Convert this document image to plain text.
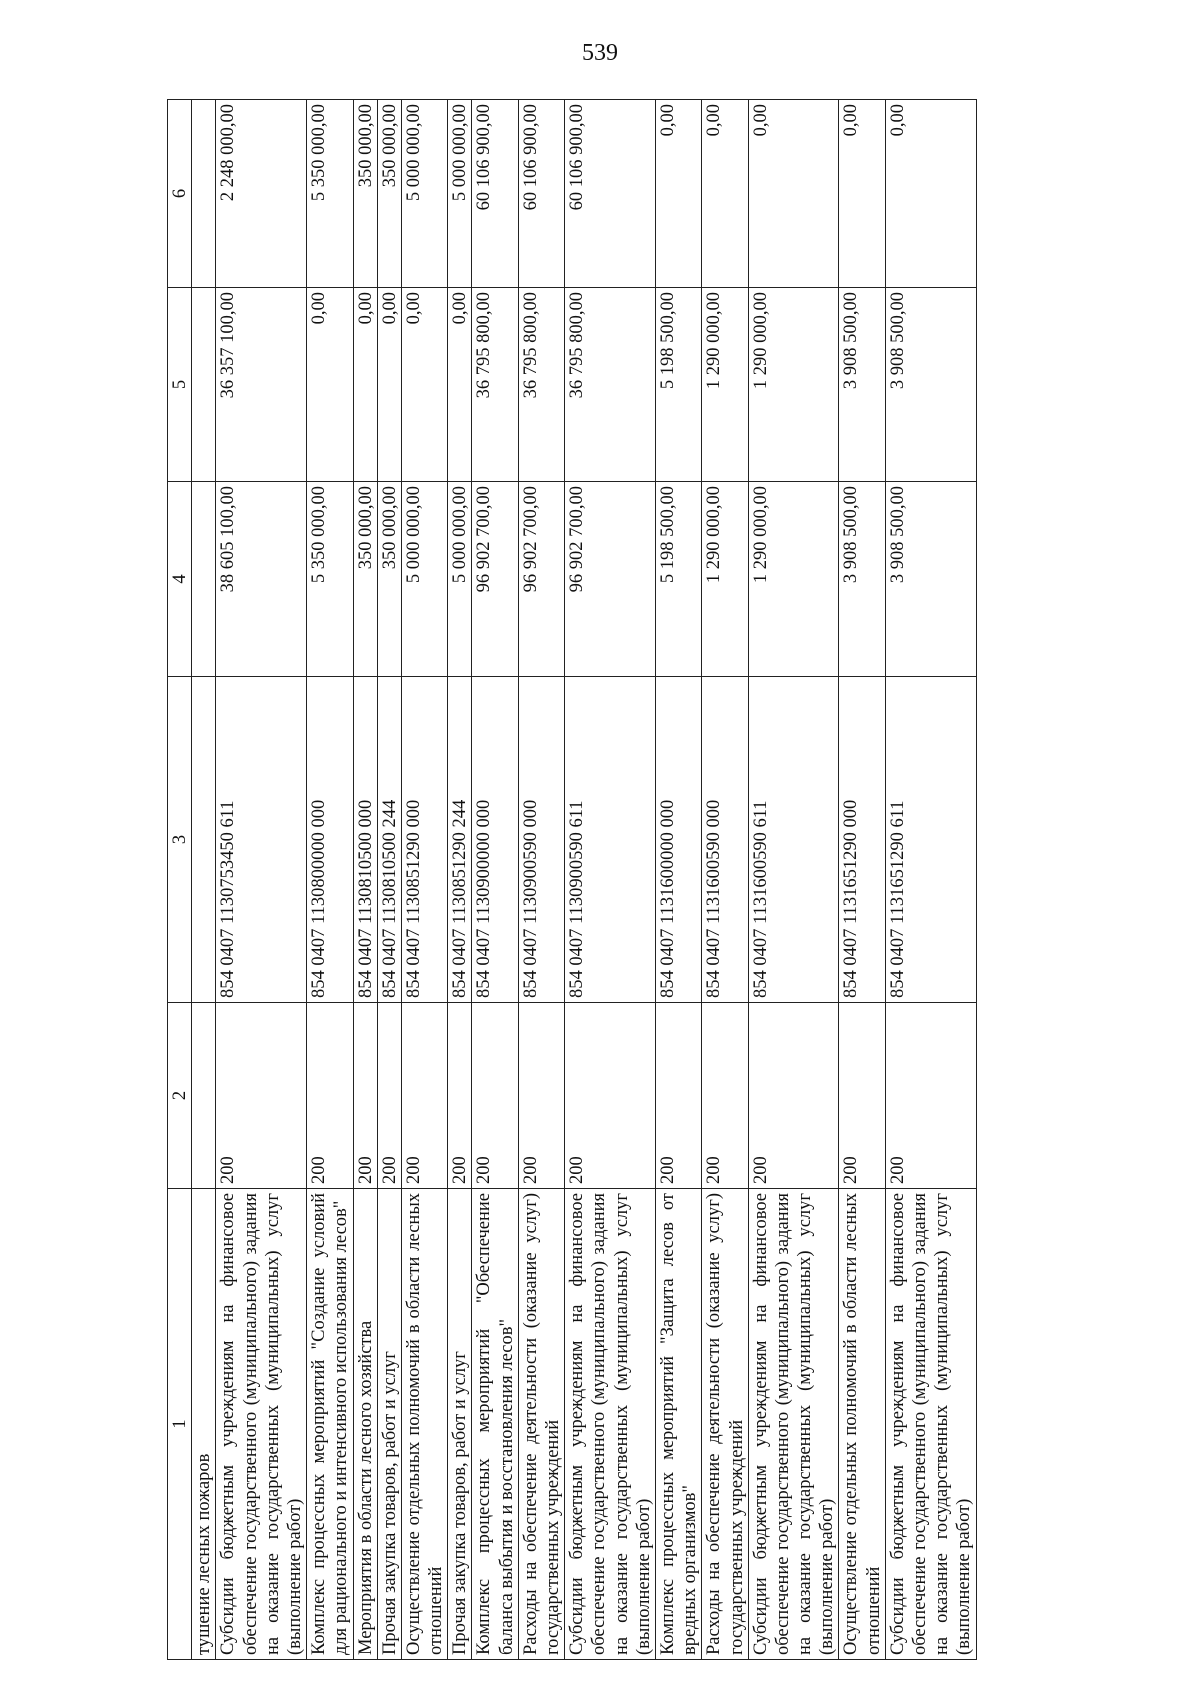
539
1	2	3	4	5	6
тушение лесных пожаров					
Субсидии бюджетным учреждениям на финансовое обеспечение государственного (муниципального) задания на оказание государственных (муниципальных) услуг (выполнение работ)	200	854 0407 1130753450 611	38 605 100,00	36 357 100,00	2 248 000,00
Комплекс процессных мероприятий "Создание условий для рационального и интенсивного использования лесов"	200	854 0407 1130800000 000	5 350 000,00	0,00	5 350 000,00
Мероприятия в области лесного хозяйства	200	854 0407 1130810500 000	350 000,00	0,00	350 000,00
Прочая закупка товаров, работ и услуг	200	854 0407 1130810500 244	350 000,00	0,00	350 000,00
Осуществление отдельных полномочий в области лесных отношений	200	854 0407 1130851290 000	5 000 000,00	0,00	5 000 000,00
Прочая закупка товаров, работ и услуг	200	854 0407 1130851290 244	5 000 000,00	0,00	5 000 000,00
Комплекс процессных мероприятий "Обеспечение баланса выбытия и восстановления лесов"	200	854 0407 1130900000 000	96 902 700,00	36 795 800,00	60 106 900,00
Расходы на обеспечение деятельности (оказание услуг) государственных учреждений	200	854 0407 1130900590 000	96 902 700,00	36 795 800,00	60 106 900,00
Субсидии бюджетным учреждениям на финансовое обеспечение государственного (муниципального) задания на оказание государственных (муниципальных) услуг (выполнение работ)	200	854 0407 1130900590 611	96 902 700,00	36 795 800,00	60 106 900,00
Комплекс процессных мероприятий "Защита лесов от вредных организмов"	200	854 0407 1131600000 000	5 198 500,00	5 198 500,00	0,00
Расходы на обеспечение деятельности (оказание услуг) государственных учреждений	200	854 0407 1131600590 000	1 290 000,00	1 290 000,00	0,00
Субсидии бюджетным учреждениям на финансовое обеспечение государственного (муниципального) задания на оказание государственных (муниципальных) услуг (выполнение работ)	200	854 0407 1131600590 611	1 290 000,00	1 290 000,00	0,00
Осуществление отдельных полномочий в области лесных отношений	200	854 0407 1131651290 000	3 908 500,00	3 908 500,00	0,00
Субсидии бюджетным учреждениям на финансовое обеспечение государственного (муниципального) задания на оказание государственных (муниципальных) услуг (выполнение работ)	200	854 0407 1131651290 611	3 908 500,00	3 908 500,00	0,00
